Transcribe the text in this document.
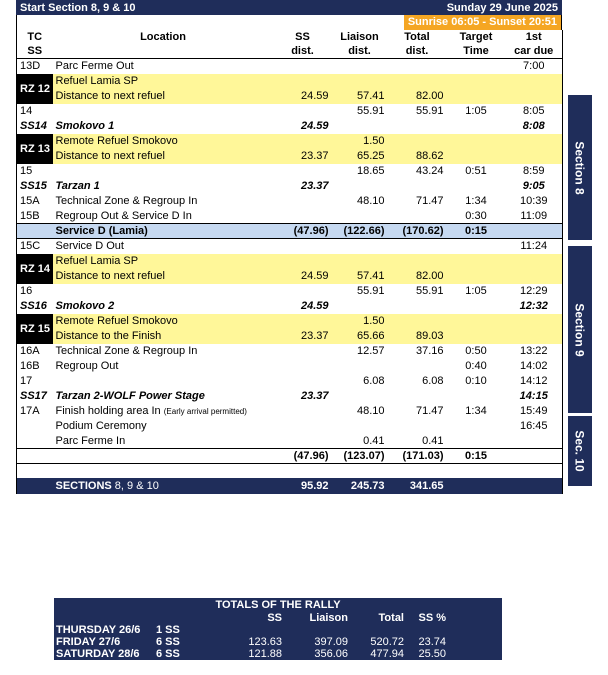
Start Section 8, 9 & 10	Sunday 29 June 2025
Sunrise 06:05 - Sunset 20:51
TC	Location	SS	Liaison	Total	Target	1st
SS		dist.	dist.	dist.	Time	car due
13D	Parc Ferme Out					7:00
RZ 12	Refuel Lamia SP					
	Distance to next refuel	24.59	57.41	82.00		
14			55.91	55.91	1:05	8:05
SS14	Smokovo 1	24.59				8:08
RZ 13	Remote Refuel Smokovo		1.50			
	Distance to next refuel	23.37	65.25	88.62		
15			18.65	43.24	0:51	8:59
SS15	Tarzan 1	23.37				9:05
15A	Technical Zone & Regroup In		48.10	71.47	1:34	10:39
15B	Regroup Out & Service D In				0:30	11:09
	Service D (Lamia)	(47.96)	(122.66)	(170.62)	0:15	
15C	Service D Out					11:24
RZ 14	Refuel Lamia SP					
	Distance to next refuel	24.59	57.41	82.00		
16			55.91	55.91	1:05	12:29
SS16	Smokovo 2	24.59				12:32
RZ 15	Remote Refuel Smokovo		1.50			
	Distance to the Finish	23.37	65.66	89.03		
16A	Technical Zone & Regroup In		12.57	37.16	0:50	13:22
16B	Regroup Out				0:40	14:02
17			6.08	6.08	0:10	14:12
SS17	Tarzan 2-WOLF Power Stage	23.37				14:15
17A	Finish holding area In (Early arrival permitted)		48.10	71.47	1:34	15:49
	Podium Ceremony					16:45
	Parc Ferme In		0.41	0.41		
		(47.96)	(123.07)	(171.03)	0:15	

	SECTIONS 8, 9 & 10	95.92	245.73	341.65		
Section 8
Section 9
Sec. 10
TOTALS OF THE RALLY
SS	Liaison	Total	SS %
THURSDAY 26/6	1 SS
FRIDAY 27/6	6 SS	123.63	397.09	520.72	23.74
SATURDAY 28/6	6 SS	121.88	356.06	477.94	25.50
